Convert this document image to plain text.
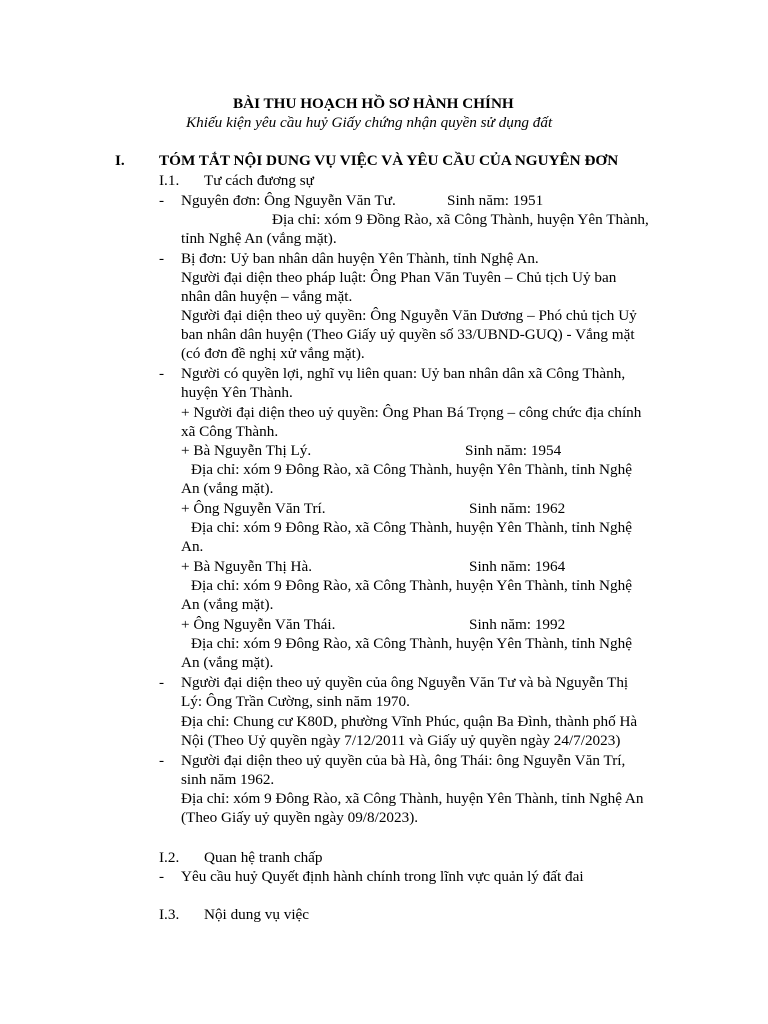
BÀI THU HOẠCH HỒ SƠ HÀNH CHÍNH
Khiếu kiện yêu cầu huỷ Giấy chứng nhận quyền sử dụng đất
I. TÓM TẮT NỘI DUNG VỤ VIỆC VÀ YÊU CẦU CỦA NGUYÊN ĐƠN
I.1. Tư cách đương sự
- Nguyên đơn: Ông Nguyễn Văn Tư.	Sinh năm: 1951
Địa chỉ: xóm 9 Đồng Rào, xã Công Thành, huyện Yên Thành,
tỉnh Nghệ An (vắng mặt).
- Bị đơn: Uỷ ban nhân dân huyện Yên Thành, tỉnh Nghệ An.
Người đại diện theo pháp luật: Ông Phan Văn Tuyên – Chủ tịch Uỷ ban
nhân dân huyện – vắng mặt.
Người đại diện theo uỷ quyền: Ông Nguyễn Văn Dương – Phó chủ tịch Uỷ
ban nhân dân huyện (Theo Giấy uỷ quyền số 33/UBND-GUQ) - Vắng mặt
(có đơn đề nghị xử vắng mặt).
- Người có quyền lợi, nghĩ vụ liên quan: Uỷ ban nhân dân xã Công Thành,
huyện Yên Thành.
+ Người đại diện theo uỷ quyền: Ông Phan Bá Trọng – công chức địa chính
xã Công Thành.
+ Bà Nguyễn Thị Lý.	Sinh năm: 1954
Địa chỉ: xóm 9 Đông Rào, xã Công Thành, huyện Yên Thành, tỉnh Nghệ
An (vắng mặt).
+ Ông Nguyễn Văn Trí.	Sinh năm: 1962
Địa chỉ: xóm 9 Đông Rào, xã Công Thành, huyện Yên Thành, tỉnh Nghệ
An.
+ Bà Nguyễn Thị Hà.	Sinh năm: 1964
Địa chỉ: xóm 9 Đông Rào, xã Công Thành, huyện Yên Thành, tỉnh Nghệ
An (vắng mặt).
+ Ông Nguyễn Văn Thái.	Sinh năm: 1992
Địa chỉ: xóm 9 Đông Rào, xã Công Thành, huyện Yên Thành, tỉnh Nghệ
An (vắng mặt).
- Người đại diện theo uỷ quyền của ông Nguyễn Văn Tư và bà Nguyễn Thị
Lý: Ông Trần Cường, sinh năm 1970.
Địa chỉ: Chung cư K80D, phường Vĩnh Phúc, quận Ba Đình, thành phố Hà
Nội (Theo Uỷ quyền ngày 7/12/2011 và Giấy uỷ quyền ngày 24/7/2023)
- Người đại diện theo uỷ quyền của bà Hà, ông Thái: ông Nguyễn Văn Trí,
sinh năm 1962.
Địa chỉ: xóm 9 Đông Rào, xã Công Thành, huyện Yên Thành, tỉnh Nghệ An
(Theo Giấy uỷ quyền ngày 09/8/2023).
I.2. Quan hệ tranh chấp
- Yêu cầu huỷ Quyết định hành chính trong lĩnh vực quản lý đất đai
I.3. Nội dung vụ việc
